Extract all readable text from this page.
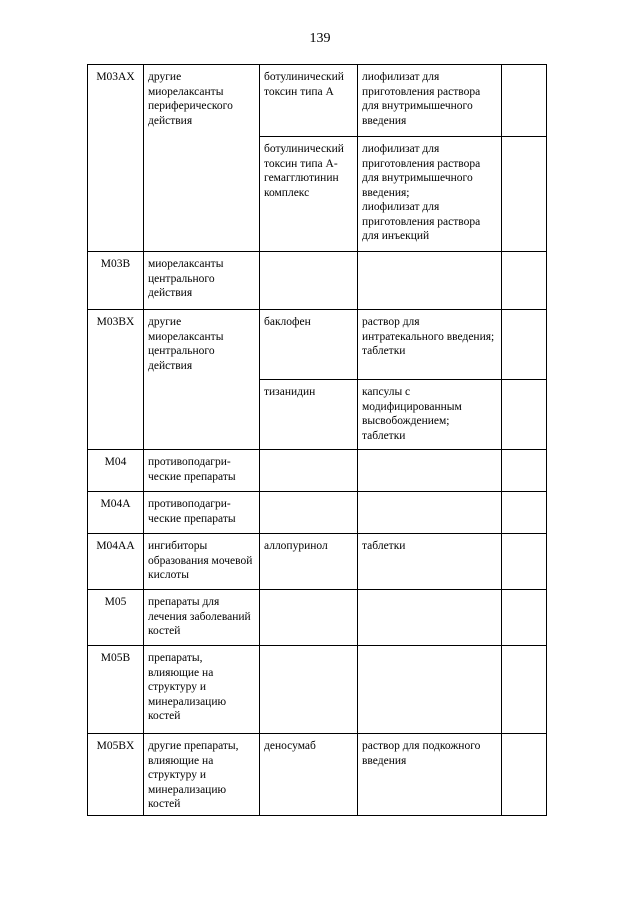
139
M03AX	другие миорелаксанты периферического действия	ботулинический токсин типа А	лиофилизат для приготовления раствора для внутримышечного введения	

		ботулинический токсин типа А-гемагглютинин комплекс	лиофилизат для приготовления раствора для внутримышечного введения;
лиофилизат для приготовления раствора для инъекций	

M03B	миорелаксанты центрального действия			

M03BX	другие миорелаксанты центрального действия	баклофен	раствор для интратекального введения;
таблетки	

		тизанидин	капсулы с модифицированным высвобождением;
таблетки	

M04	противоподагри-
ческие препараты			

M04A	противоподагри-
ческие препараты			

M04AA	ингибиторы образования мочевой кислоты	аллопуринол	таблетки	

M05	препараты для лечения заболеваний костей			

M05B	препараты, влияющие на структуру и минерализацию костей			

M05BX	другие препараты, влияющие на структуру и минерализацию костей	деносумаб	раствор для подкожного введения	
